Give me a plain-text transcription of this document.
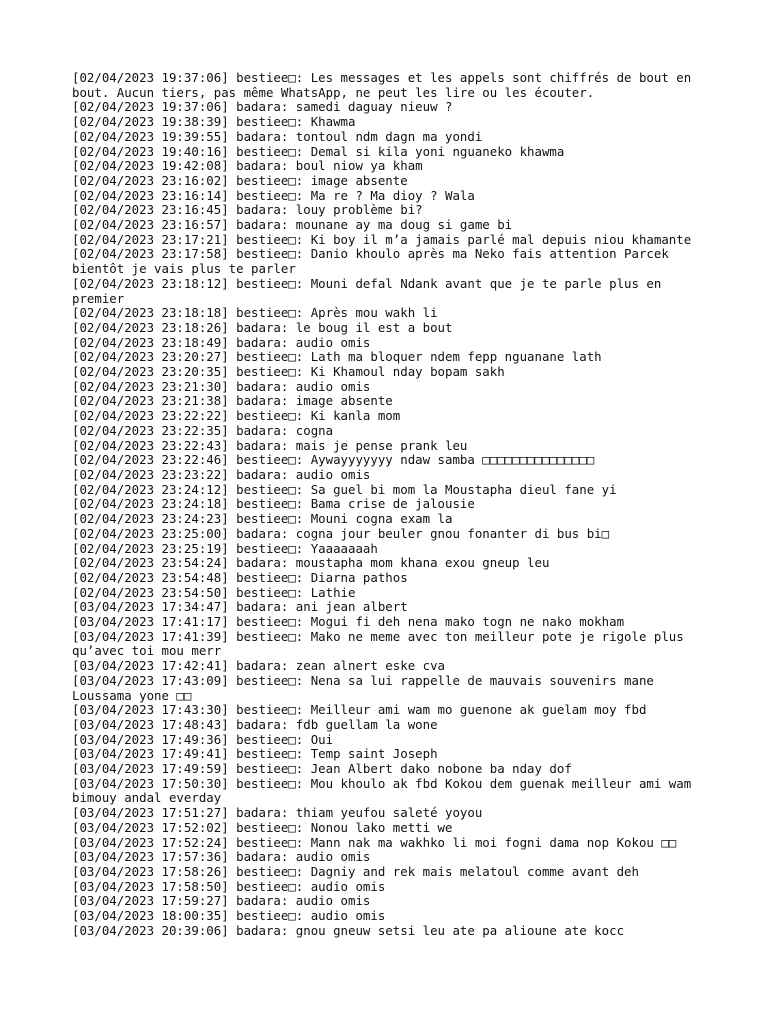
[02/04/2023 19:37:06] bestiee□: Les messages et les appels sont chiffrés de bout en bout. Aucun tiers, pas même WhatsApp, ne peut les lire ou les écouter.
[02/04/2023 19:37:06] badara: samedi daguay nieuw ?
[02/04/2023 19:38:39] bestiee□: Khawma
[02/04/2023 19:39:55] badara: tontoul ndm dagn ma yondi
[02/04/2023 19:40:16] bestiee□: Demal si kila yoni nguaneko khawma
[02/04/2023 19:42:08] badara: boul niow ya kham
[02/04/2023 23:16:02] bestiee□: image absente
[02/04/2023 23:16:14] bestiee□: Ma re ? Ma dioy ? Wala
[02/04/2023 23:16:45] badara: louy problème bi?
[02/04/2023 23:16:57] badara: mounane ay ma doug si game bi
[02/04/2023 23:17:21] bestiee□: Ki boy il m’a jamais parlé mal depuis niou khamante
[02/04/2023 23:17:58] bestiee□: Danio khoulo après ma Neko fais attention Parcek bientôt je vais plus te parler
[02/04/2023 23:18:12] bestiee□: Mouni defal Ndank avant que je te parle plus en premier
[02/04/2023 23:18:18] bestiee□: Après mou wakh li
[02/04/2023 23:18:26] badara: le boug il est a bout
[02/04/2023 23:18:49] badara: audio omis
[02/04/2023 23:20:27] bestiee□: Lath ma bloquer ndem fepp nguanane lath
[02/04/2023 23:20:35] bestiee□: Ki Khamoul nday bopam sakh
[02/04/2023 23:21:30] badara: audio omis
[02/04/2023 23:21:38] badara: image absente
[02/04/2023 23:22:22] bestiee□: Ki kanla mom
[02/04/2023 23:22:35] badara: cogna
[02/04/2023 23:22:43] badara: mais je pense prank leu
[02/04/2023 23:22:46] bestiee□: Aywayyyyyyy ndaw samba □□□□□□□□□□□□□□□
[02/04/2023 23:23:22] badara: audio omis
[02/04/2023 23:24:12] bestiee□: Sa guel bi mom la Moustapha dieul fane yi
[02/04/2023 23:24:18] bestiee□: Bama crise de jalousie
[02/04/2023 23:24:23] bestiee□: Mouni cogna exam la
[02/04/2023 23:25:00] badara: cogna jour beuler gnou fonanter di bus bi□
[02/04/2023 23:25:19] bestiee□: Yaaaaaaah
[02/04/2023 23:54:24] badara: moustapha mom khana exou gneup leu
[02/04/2023 23:54:48] bestiee□: Diarna pathos
[02/04/2023 23:54:50] bestiee□: Lathie
[03/04/2023 17:34:47] badara: ani jean albert
[03/04/2023 17:41:17] bestiee□: Mogui fi deh nena mako togn ne nako mokham
[03/04/2023 17:41:39] bestiee□: Mako ne meme avec ton meilleur pote je rigole plus qu’avec toi mou merr
[03/04/2023 17:42:41] badara: zean alnert eske cva
[03/04/2023 17:43:09] bestiee□: Nena sa lui rappelle de mauvais souvenirs mane Loussama yone □□
[03/04/2023 17:43:30] bestiee□: Meilleur ami wam mo guenone ak guelam moy fbd
[03/04/2023 17:48:43] badara: fdb guellam la wone
[03/04/2023 17:49:36] bestiee□: Oui
[03/04/2023 17:49:41] bestiee□: Temp saint Joseph
[03/04/2023 17:49:59] bestiee□: Jean Albert dako nobone ba nday dof
[03/04/2023 17:50:30] bestiee□: Mou khoulo ak fbd Kokou dem guenak meilleur ami wam bimouy andal everday
[03/04/2023 17:51:27] badara: thiam yeufou saleté yoyou
[03/04/2023 17:52:02] bestiee□: Nonou lako metti we
[03/04/2023 17:52:24] bestiee□: Mann nak ma wakhko li moi fogni dama nop Kokou □□
[03/04/2023 17:57:36] badara: audio omis
[03/04/2023 17:58:26] bestiee□: Dagniy and rek mais melatoul comme avant deh
[03/04/2023 17:58:50] bestiee□: audio omis
[03/04/2023 17:59:27] badara: audio omis
[03/04/2023 18:00:35] bestiee□: audio omis
[03/04/2023 20:39:06] badara: gnou gneuw setsi leu ate pa alioune ate kocc
